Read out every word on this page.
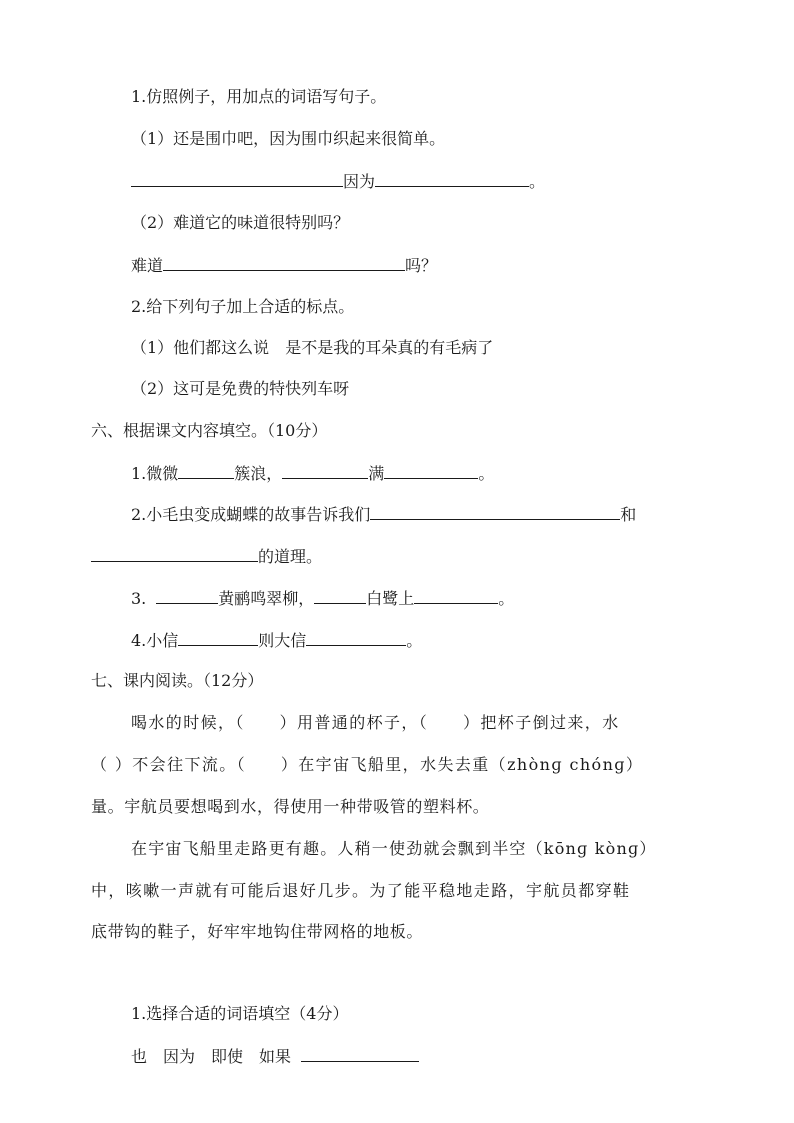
1.仿照例子，用加点的词语写句子。
（1）还是围巾吧，因为围巾织起来很简单。
因为	。
（2）难道它的味道很特别吗？
难道	吗？
2.给下列句子加上合适的标点。
（1）他们都这么说 是不是我的耳朵真的有毛病了
（2）这可是免费的特快列车呀
六、根据课文内容填空。（10分）
1.微微	簇浪，	满	。
2.小毛虫变成蝴蝶的故事告诉我们	和
的道理。
3.	黄鹂鸣翠柳，	白鹭上	。
4.小信	则大信	。
七、课内阅读。（12分）
喝水的时候，（　　）用普通的杯子，（　　）把杯子倒过来，水
（ ）不会往下流。（　　）在宇宙飞船里，水失去重（zhònɡ chónɡ）
量。宇航员要想喝到水，得使用一种带吸管的塑料杯。
在宇宙飞船里走路更有趣。人稍一使劲就会飘到半空（kōnɡ kònɡ）
中，咳嗽一声就有可能后退好几步。为了能平稳地走路，宇航员都穿鞋
底带钩的鞋子，好牢牢地钩住带网格的地板。
1.选择合适的词语填空（4分）
也　因为　即使　如果
